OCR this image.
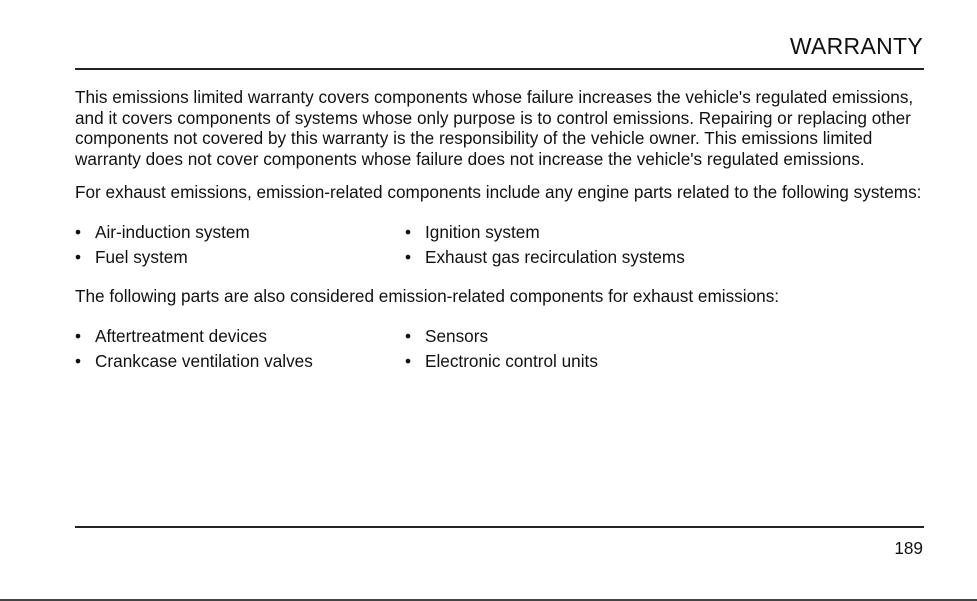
WARRANTY

This emissions limited warranty covers components whose failure increases the vehicle's regulated emissions, and it covers components of systems whose only purpose is to control emissions. Repairing or replacing other components not covered by this warranty is the responsibility of the vehicle owner. This emissions limited warranty does not cover components whose failure does not increase the vehicle's regulated emissions.

For exhaust emissions, emission-related components include any engine parts related to the following systems:

• Air-induction system	• Ignition system
• Fuel system	• Exhaust gas recirculation systems

The following parts are also considered emission-related components for exhaust emissions:

• Aftertreatment devices	• Sensors
• Crankcase ventilation valves	• Electronic control units
189
